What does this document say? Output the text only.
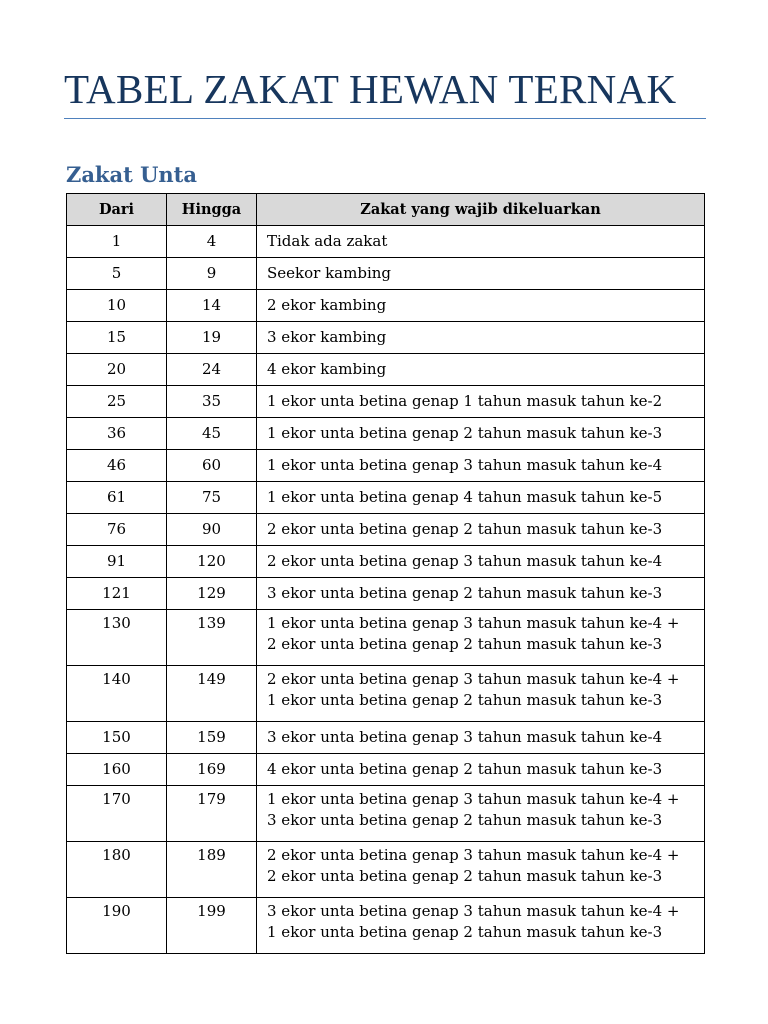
TABEL ZAKAT HEWAN TERNAK
Zakat Unta
Dari	Hingga	Zakat yang wajib dikeluarkan
1	4	Tidak ada zakat
5	9	Seekor kambing
10	14	2 ekor kambing
15	19	3 ekor kambing
20	24	4 ekor kambing
25	35	1 ekor unta betina genap 1 tahun masuk tahun ke-2
36	45	1 ekor unta betina genap 2 tahun masuk tahun ke-3
46	60	1 ekor unta betina genap 3 tahun masuk tahun ke-4
61	75	1 ekor unta betina genap 4 tahun masuk tahun ke-5
76	90	2 ekor unta betina genap 2 tahun masuk tahun ke-3
91	120	2 ekor unta betina genap 3 tahun masuk tahun ke-4
121	129	3 ekor unta betina genap 2 tahun masuk tahun ke-3
130	139	1 ekor unta betina genap 3 tahun masuk tahun ke-4 +
2 ekor unta betina genap 2 tahun masuk tahun ke-3
140	149	2 ekor unta betina genap 3 tahun masuk tahun ke-4 +
1 ekor unta betina genap 2 tahun masuk tahun ke-3
150	159	3 ekor unta betina genap 3 tahun masuk tahun ke-4
160	169	4 ekor unta betina genap 2 tahun masuk tahun ke-3
170	179	1 ekor unta betina genap 3 tahun masuk tahun ke-4 +
3 ekor unta betina genap 2 tahun masuk tahun ke-3
180	189	2 ekor unta betina genap 3 tahun masuk tahun ke-4 +
2 ekor unta betina genap 2 tahun masuk tahun ke-3
190	199	3 ekor unta betina genap 3 tahun masuk tahun ke-4 +
1 ekor unta betina genap 2 tahun masuk tahun ke-3
